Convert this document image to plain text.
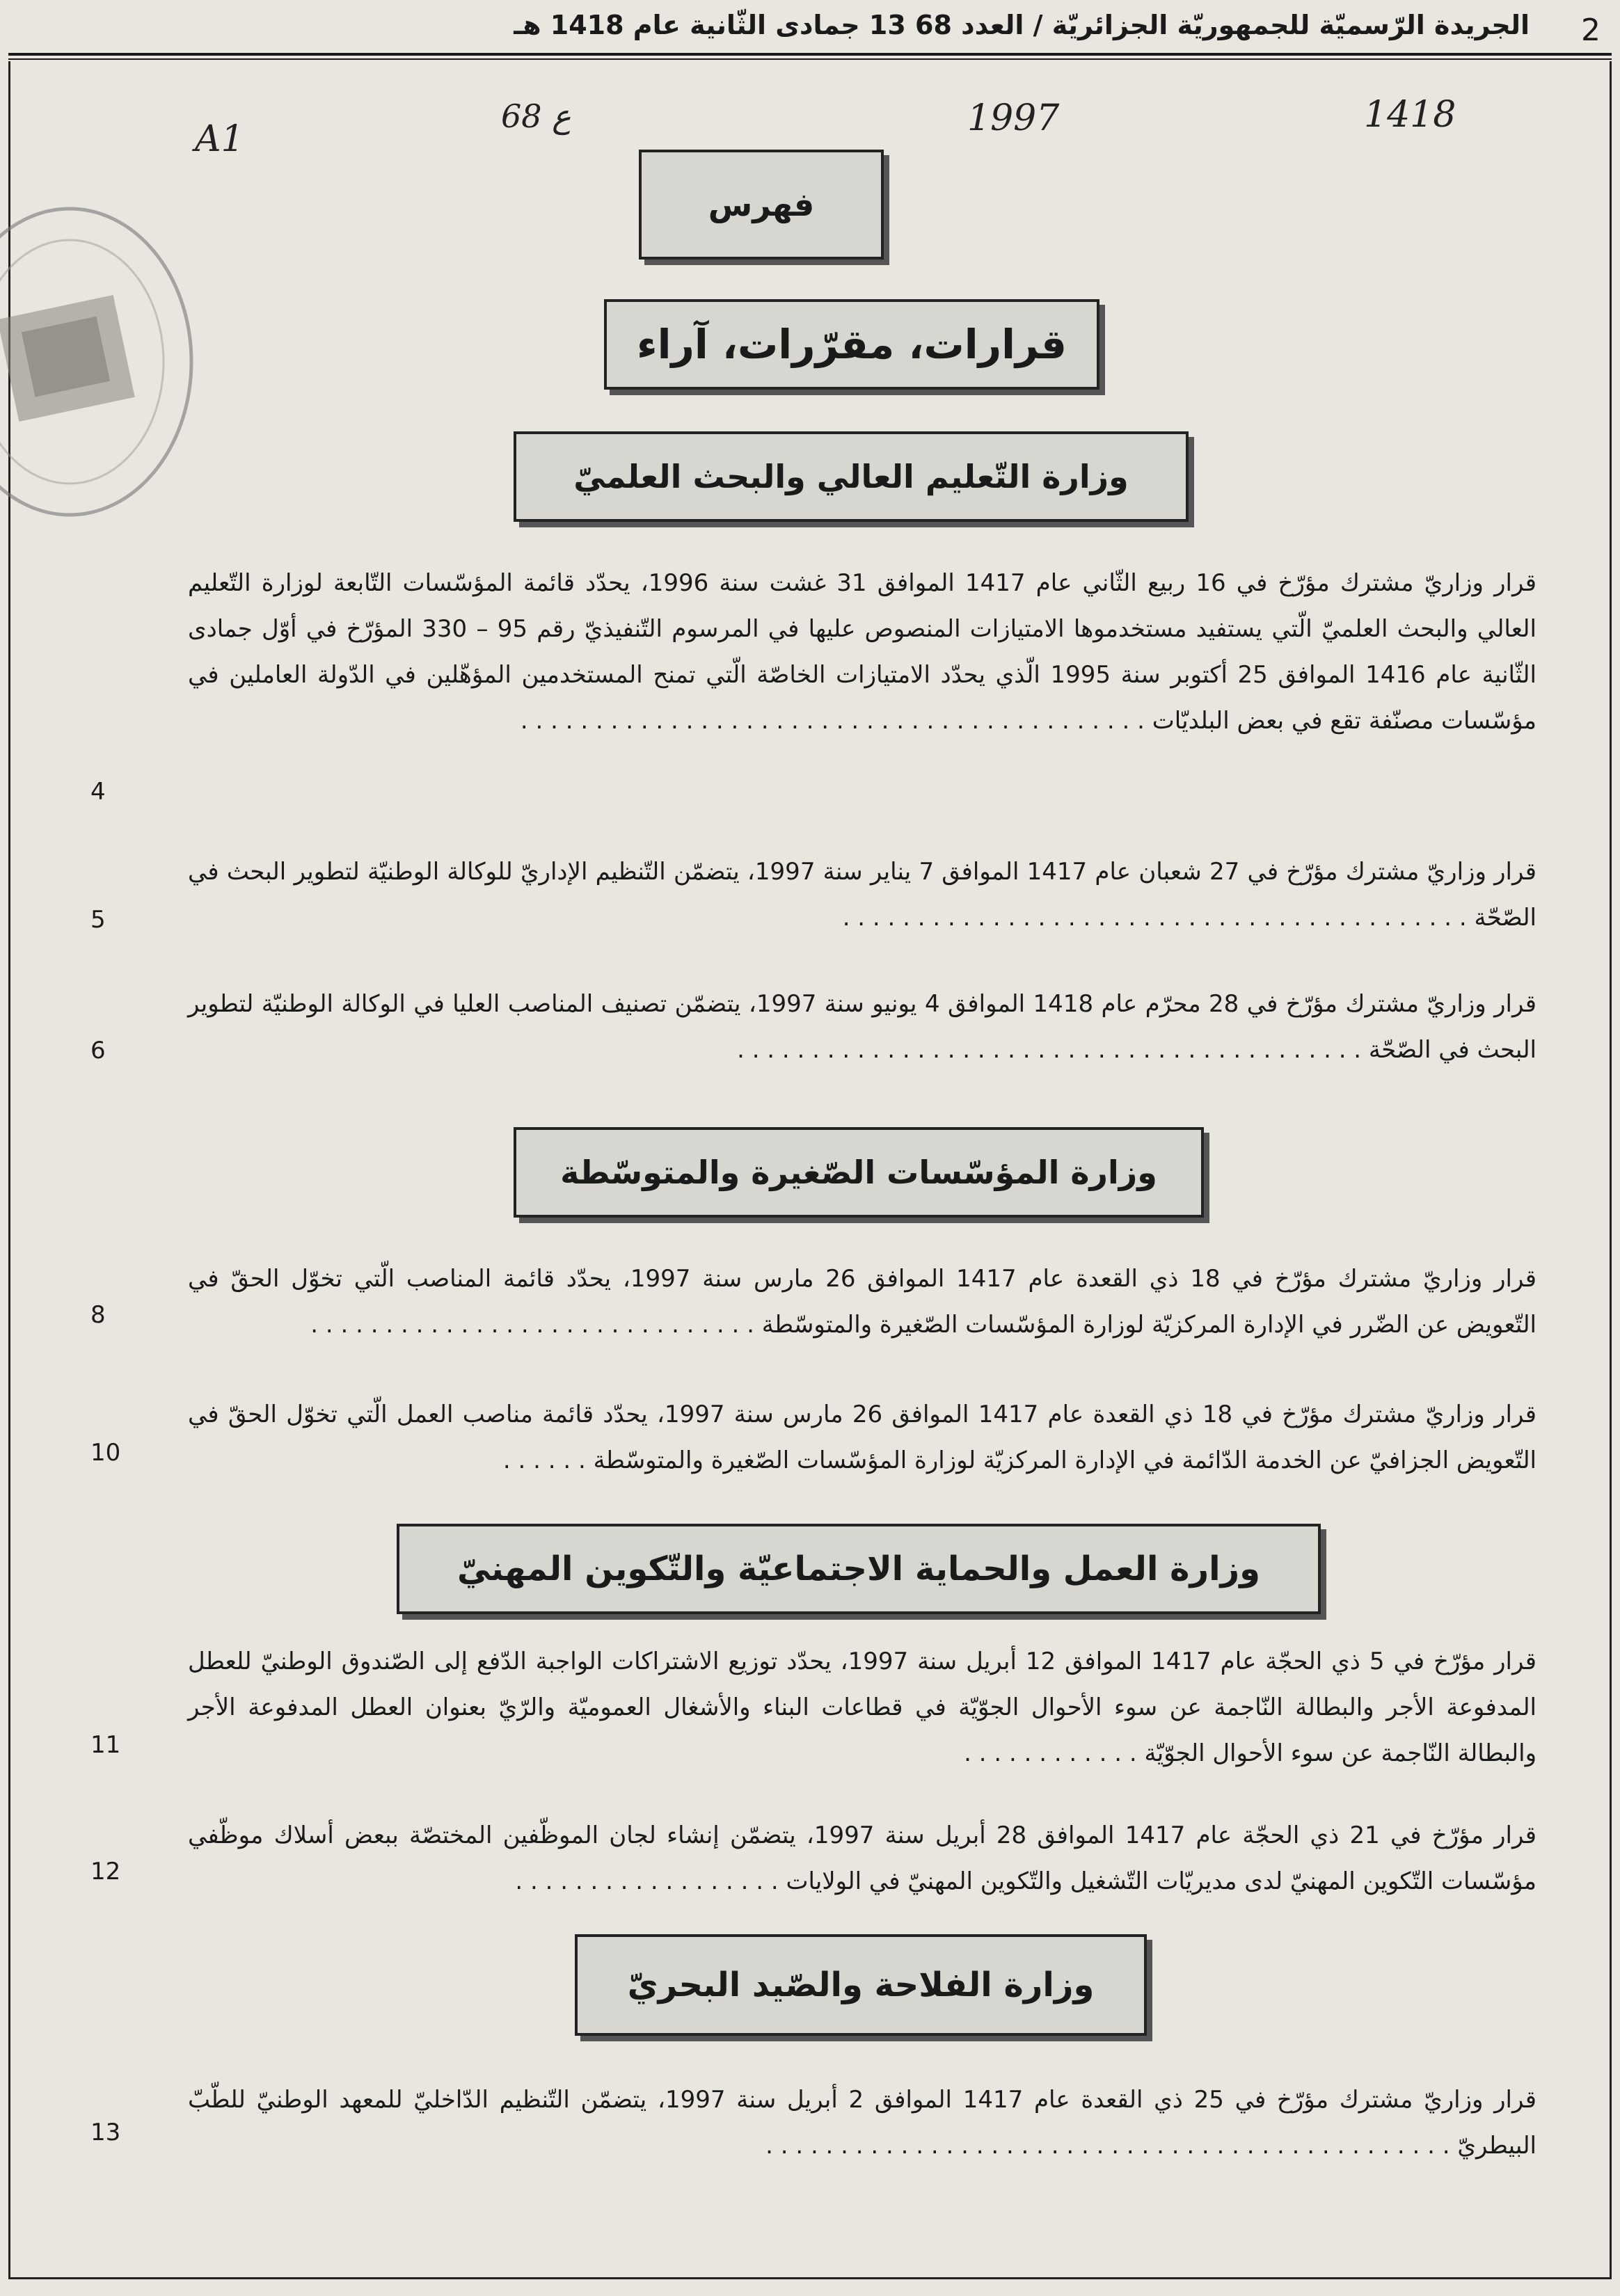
2
الجريدة الرّسميّة للجمهوريّة الجزائريّة / العدد 68 13 جمادى الثّانية عام 1418 هـ
A1
68 ع	1997	1418
فهرس
قرارات، مقرّرات، آراء
وزارة التّعليم العالي والبحث العلميّ
قرار وزاريّ مشترك مؤرّخ في 16 ربيع الثّاني عام 1417 الموافق 31 غشت سنة 1996، يحدّد قائمة المؤسّسات التّابعة لوزارة التّعليم العالي والبحث العلميّ الّتي يستفيد مستخدموها الامتيازات المنصوص عليها في المرسوم التّنفيذيّ رقم 95 – 330 المؤرّخ في أوّل جمادى الثّانية عام 1416 الموافق 25 أكتوبر سنة 1995 الّذي يحدّد الامتيازات الخاصّة الّتي تمنح المستخدمين المؤهّلين في الدّولة العاملين في مؤسّسات مصنّفة تقع في بعض البلديّات . . . . . . . . . . . . . . . . . . . . . . . . . . . . . . . . . . . . . . . . . .
4
قرار وزاريّ مشترك مؤرّخ في 27 شعبان عام 1417 الموافق 7 يناير سنة 1997، يتضمّن التّنظيم الإداريّ للوكالة الوطنيّة لتطوير البحث في الصّحّة . . . . . . . . . . . . . . . . . . . . . . . . . . . . . . . . . . . . . . . . . .
5
قرار وزاريّ مشترك مؤرّخ في 28 محرّم عام 1418 الموافق 4 يونيو سنة 1997، يتضمّن تصنيف المناصب العليا في الوكالة الوطنيّة لتطوير البحث في الصّحّة . . . . . . . . . . . . . . . . . . . . . . . . . . . . . . . . . . . . . . . . . .
6
وزارة المؤسّسات الصّغيرة والمتوسّطة
قرار وزاريّ مشترك مؤرّخ في 18 ذي القعدة عام 1417 الموافق 26 مارس سنة 1997، يحدّد قائمة المناصب الّتي تخوّل الحقّ في التّعويض عن الضّرر في الإدارة المركزيّة لوزارة المؤسّسات الصّغيرة والمتوسّطة . . . . . . . . . . . . . . . . . . . . . . . . . . . . . .
8
قرار وزاريّ مشترك مؤرّخ في 18 ذي القعدة عام 1417 الموافق 26 مارس سنة 1997، يحدّد قائمة مناصب العمل الّتي تخوّل الحقّ في التّعويض الجزافيّ عن الخدمة الدّائمة في الإدارة المركزيّة لوزارة المؤسّسات الصّغيرة والمتوسّطة . . . . . .
10
وزارة العمل والحماية الاجتماعيّة والتّكوين المهنيّ
قرار مؤرّخ في 5 ذي الحجّة عام 1417 الموافق 12 أبريل سنة 1997، يحدّد توزيع الاشتراكات الواجبة الدّفع إلى الصّندوق الوطنيّ للعطل المدفوعة الأجر والبطالة النّاجمة عن سوء الأحوال الجوّيّة في قطاعات البناء والأشغال العموميّة والرّيّ بعنوان العطل المدفوعة الأجر والبطالة النّاجمة عن سوء الأحوال الجوّيّة . . . . . . . . . . . .
11
قرار مؤرّخ في 21 ذي الحجّة عام 1417 الموافق 28 أبريل سنة 1997، يتضمّن إنشاء لجان الموظّفين المختصّة ببعض أسلاك موظّفي مؤسّسات التّكوين المهنيّ لدى مديريّات التّشغيل والتّكوين المهنيّ في الولايات . . . . . . . . . . . . . . . . . .
12
وزارة الفلاحة والصّيد البحريّ
قرار وزاريّ مشترك مؤرّخ في 25 ذي القعدة عام 1417 الموافق 2 أبريل سنة 1997، يتضمّن التّنظيم الدّاخليّ للمعهد الوطنيّ للطّبّ البيطريّ . . . . . . . . . . . . . . . . . . . . . . . . . . . . . . . . . . . . . . . . . . . . . .
13
